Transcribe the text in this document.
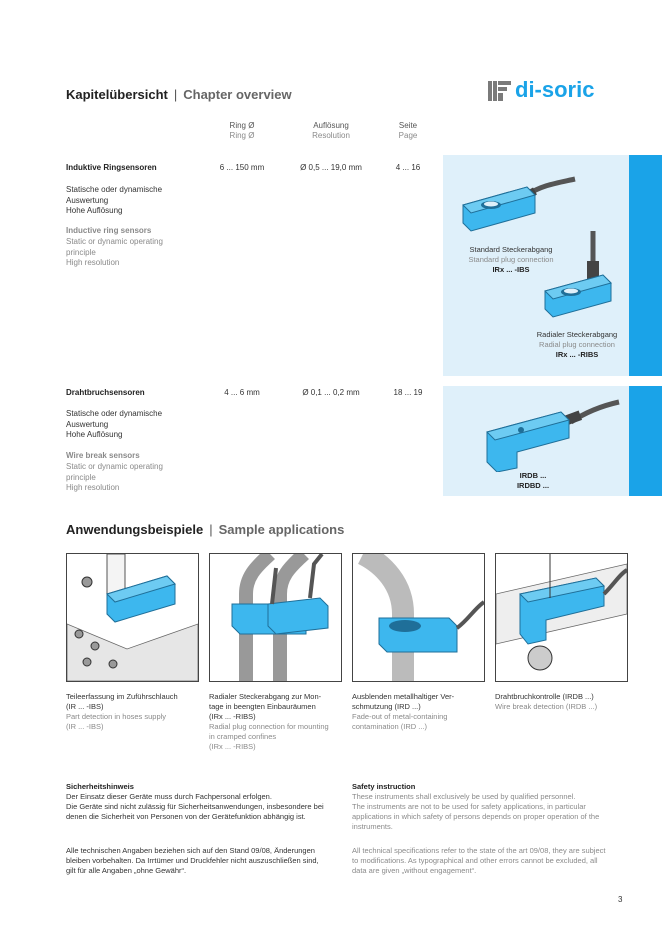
Kapitelübersicht | Chapter overview	di-soric
Ring Ø
Ring Ø
Auflösung
Resolution
Seite
Page
Induktive Ringsensoren	6 ... 150 mm	Ø 0,5 ... 19,0 mm	4 ... 16
Statische oder dynamische
Auswertung
Hohe Auflösung
Inductive ring sensors
Static or dynamic operating
principle
High resolution
Standard Steckerabgang
Standard plug connection
IRx ... -IBS
Radialer Steckerabgang
Radial plug connection
IRx ... -RIBS
Drahtbruchsensoren	4 ... 6 mm	Ø 0,1 ... 0,2 mm	18 ... 19
Statische oder dynamische
Auswertung
Hohe Auflösung
Wire break sensors
Static or dynamic operating
principle
High resolution
IRDB ...
IRDBD ...
Anwendungsbeispiele | Sample applications
Teileerfassung im Zuführschlauch
(IR ... -IBS)
Part detection in hoses supply
(IR ... -IBS)
Radialer Steckerabgang zur Mon-
tage in beengten Einbauräumen
(IRx ... -RIBS)
Radial plug connection for mounting
in cramped confines
(IRx ... -RIBS)
Ausblenden metallhaltiger Ver-
schmutzung (IRD ...)
Fade-out of metal-containing
contamination (IRD ...)
Drahtbruchkontrolle (IRDB ...)
Wire break detection (IRDB ...)
Sicherheitshinweis
Der Einsatz dieser Geräte muss durch Fachpersonal erfolgen.
Die Geräte sind nicht zulässig für Sicherheitsanwendungen, insbesondere bei
denen die Sicherheit von Personen von der Gerätefunktion abhängig ist.
Safety instruction
These instruments shall exclusively be used by qualified personnel.
The instruments are not to be used for safety applications, in particular
applications in which safety of persons depends on proper operation of the
instruments.
Alle technischen Angaben beziehen sich auf den Stand 09/08, Änderungen
bleiben vorbehalten. Da Irrtümer und Druckfehler nicht auszuschließen sind,
gilt für alle Angaben „ohne Gewähr“.
All technical specifications refer to the state of the art 09/08, they are subject
to modifications. As typographical and other errors cannot be excluded, all
data are given „without engagement“.
3
